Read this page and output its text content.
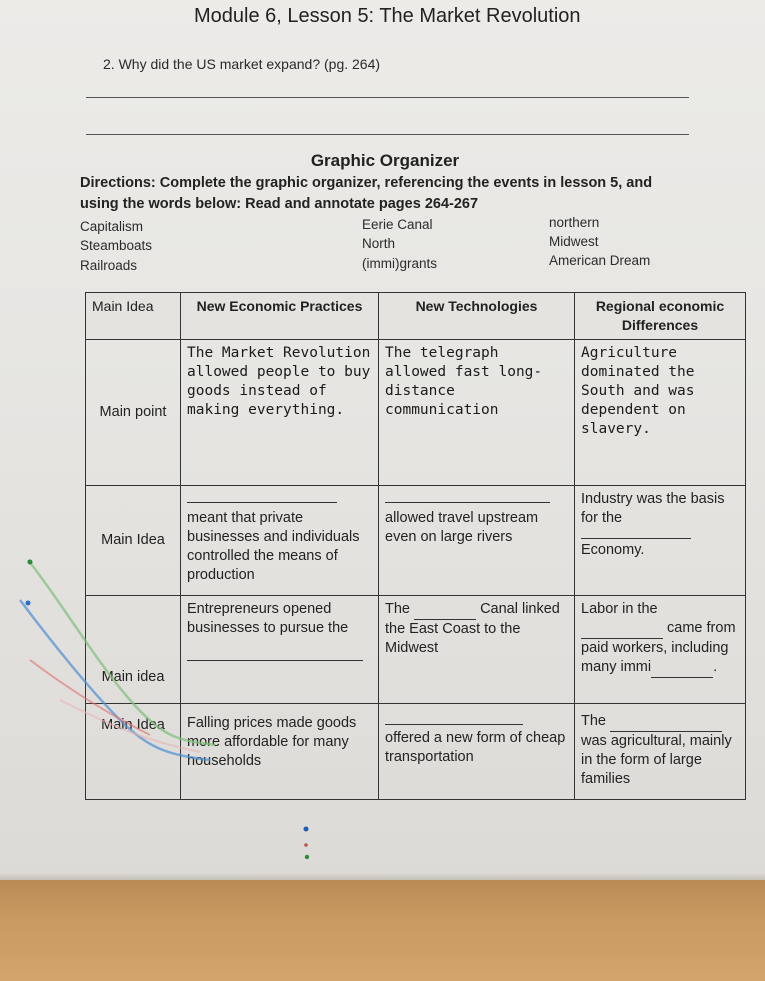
Module 6, Lesson 5: The Market Revolution
2. Why did the US market expand? (pg. 264)
Graphic Organizer
Directions: Complete the graphic organizer, referencing the events in lesson 5, and using the words below: Read and annotate pages 264-267
Capitalism
Steamboats
Railroads
Eerie Canal
North
(immi)grants
northern
Midwest
American Dream
Main Idea	New Economic Practices	New Technologies	Regional economic Differences
Main point	The Market Revolution allowed people to buy goods instead of making everything.	The telegraph allowed fast long-distance communication	Agriculture dominated the South and was dependent on slavery.
Main Idea	meant that private businesses and individuals controlled the means of production	allowed travel upstream even on large rivers	Industry was the basis for the
Economy.
Main idea	Entrepreneurs opened businesses to pursue the	The Canal linked the East Coast to the Midwest	Labor in the
came from paid workers, including many immi .
Main Idea	Falling prices made goods more affordable for many households	offered a new form of cheap transportation	The   was agricultural, mainly in the form of large families
